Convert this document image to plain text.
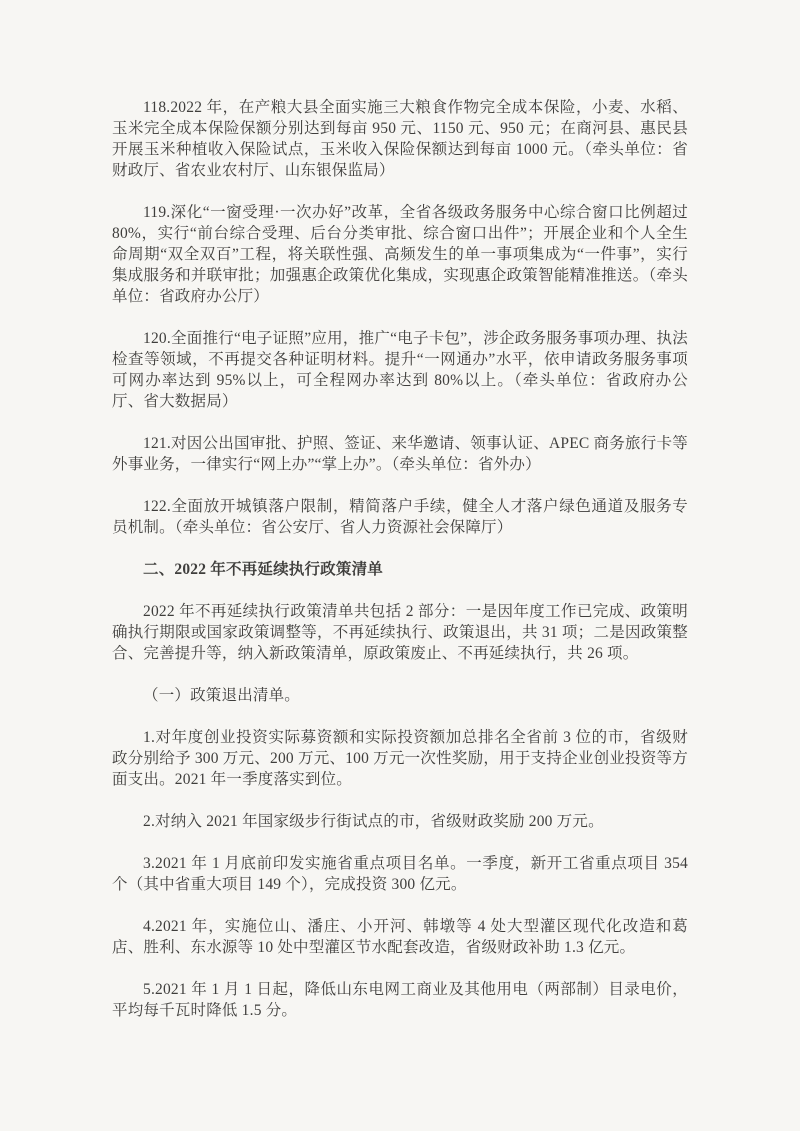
118.2022 年，在产粮大县全面实施三大粮食作物完全成本保险，小麦、水稻、玉米完全成本保险保额分别达到每亩 950 元、1150 元、950 元；在商河县、惠民县开展玉米种植收入保险试点，玉米收入保险保额达到每亩 1000 元。（牵头单位：省财政厅、省农业农村厅、山东银保监局）

119.深化“一窗受理·一次办好”改革，全省各级政务服务中心综合窗口比例超过 80%，实行“前台综合受理、后台分类审批、综合窗口出件”；开展企业和个人全生命周期“双全双百”工程，将关联性强、高频发生的单一事项集成为“一件事”，实行集成服务和并联审批；加强惠企政策优化集成，实现惠企政策智能精准推送。（牵头单位：省政府办公厅）

120.全面推行“电子证照”应用，推广“电子卡包”，涉企政务服务事项办理、执法检查等领域，不再提交各种证明材料。提升“一网通办”水平，依申请政务服务事项可网办率达到 95%以上，可全程网办率达到 80%以上。（牵头单位：省政府办公厅、省大数据局）

121.对因公出国审批、护照、签证、来华邀请、领事认证、APEC 商务旅行卡等外事业务，一律实行“网上办”“掌上办”。（牵头单位：省外办）

122.全面放开城镇落户限制，精简落户手续，健全人才落户绿色通道及服务专员机制。（牵头单位：省公安厅、省人力资源社会保障厅）

二、2022 年不再延续执行政策清单

2022 年不再延续执行政策清单共包括 2 部分：一是因年度工作已完成、政策明确执行期限或国家政策调整等，不再延续执行、政策退出，共 31 项；二是因政策整合、完善提升等，纳入新政策清单，原政策废止、不再延续执行，共 26 项。

（一）政策退出清单。

1.对年度创业投资实际募资额和实际投资额加总排名全省前 3 位的市，省级财政分别给予 300 万元、200 万元、100 万元一次性奖励，用于支持企业创业投资等方面支出。2021 年一季度落实到位。

2.对纳入 2021 年国家级步行街试点的市，省级财政奖励 200 万元。

3.2021 年 1 月底前印发实施省重点项目名单。一季度，新开工省重点项目 354 个（其中省重大项目 149 个），完成投资 300 亿元。

4.2021 年，实施位山、潘庄、小开河、韩墩等 4 处大型灌区现代化改造和葛店、胜利、东水源等 10 处中型灌区节水配套改造，省级财政补助 1.3 亿元。

5.2021 年 1 月 1 日起，降低山东电网工商业及其他用电（两部制）目录电价，平均每千瓦时降低 1.5 分。
